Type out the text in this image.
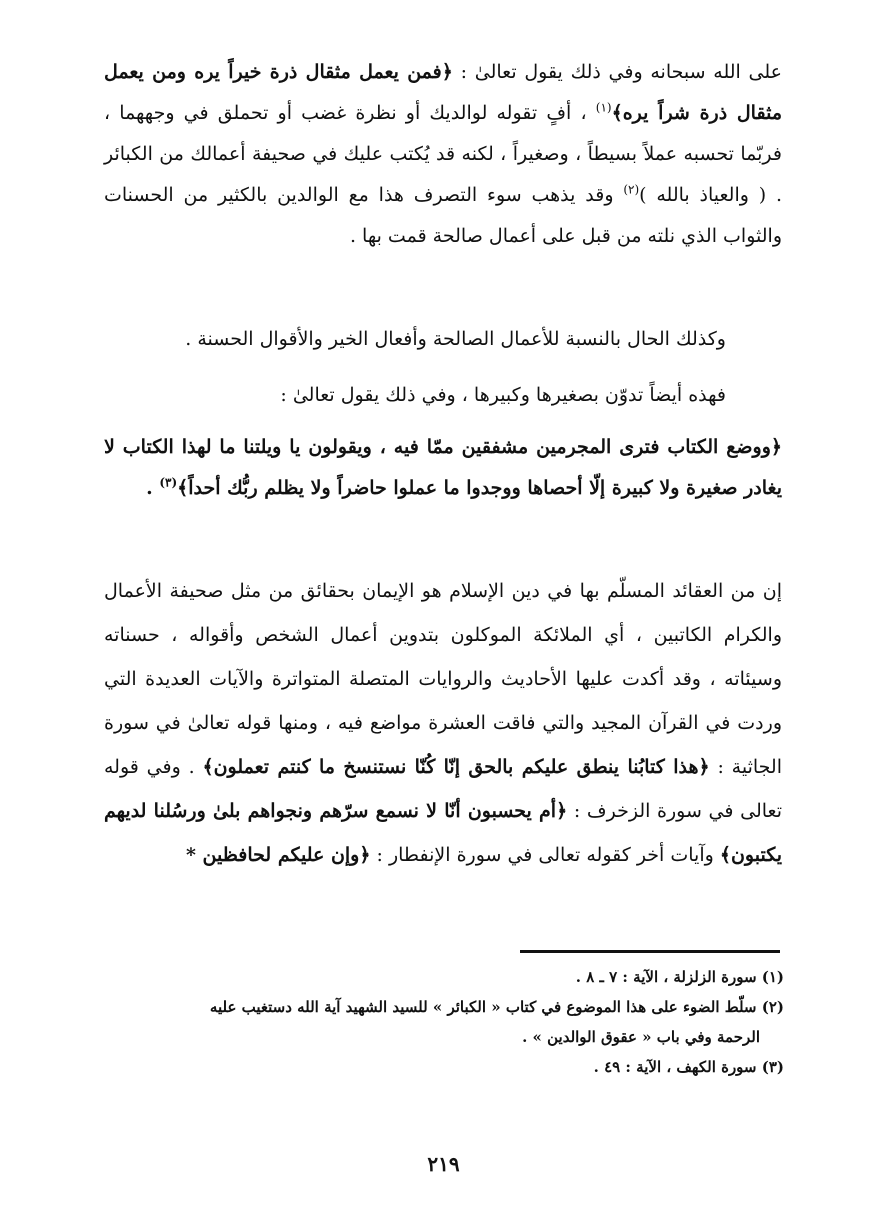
على الله سبحانه وفي ذلك يقول تعالىٰ : ﴿فمن يعمل مثقال ذرة خيراً يره ومن يعمل مثقال ذرة شراً يره﴾$^{(١)}$ ، أفٍ تقوله لوالديك أو نظرة غضب أو تحملق في وجههما ، فربّما تحسبه عملاً بسيطاً ، وصغيراً ، لكنه قد يُكتب عليك في صحيفة أعمالك من الكبائر . ( والعياذ بالله )$^{(٢)}$ وقد يذهب سوء التصرف هذا مع الوالدين بالكثير من الحسنات والثواب الذي نلته من قبل على أعمال صالحة قمت بها .

وكذلك الحال بالنسبة للأعمال الصالحة وأفعال الخير والأقوال الحسنة .

فهذه أيضاً تدوّن بصغيرها وكبيرها ، وفي ذلك يقول تعالىٰ :

﴿ووضع الكتاب فترى المجرمين مشفقين ممّا فيه ، ويقولون يا ويلتنا ما لهذا الكتاب لا يغادر صغيرة ولا كبيرة إلّا أحصاها ووجدوا ما عملوا حاضراً ولا يظلم ربُّك أحداً﴾$^{(٣)}$ .

إن من العقائد المسلّم بها في دين الإسلام هو الإيمان بحقائق من مثل صحيفة الأعمال والكرام الكاتبين ، أي الملائكة الموكلون بتدوين أعمال الشخص وأقواله ، حسناته وسيئاته ، وقد أكدت عليها الأحاديث والروايات المتصلة المتواترة والآيات العديدة التي وردت في القرآن المجيد والتي فاقت العشرة مواضع فيه ، ومنها قوله تعالىٰ في سورة الجاثية : ﴿هذا كتابُنا ينطق عليكم بالحق إنّا كُنّا نستنسخ ما كنتم تعملون﴾ . وفي قوله تعالى في سورة الزخرف : ﴿أم يحسبون أنّا لا نسمع سرّهم ونجواهم بلىٰ ورسُلنا لديهم يكتبون﴾ وآيات أخر كقوله تعالى في سورة الإنفطار : ﴿وإن عليكم لحافظين *

(١) سورة الزلزلة ، الآية : ٧ ـ ٨ .
(٢) سلّط الضوء على هذا الموضوع في كتاب « الكبائر » للسيد الشهيد آية الله دستغيب عليه
الرحمة وفي باب « عقوق الوالدين » .
(٣) سورة الكهف ، الآية : ٤٩ .
٢١٩
